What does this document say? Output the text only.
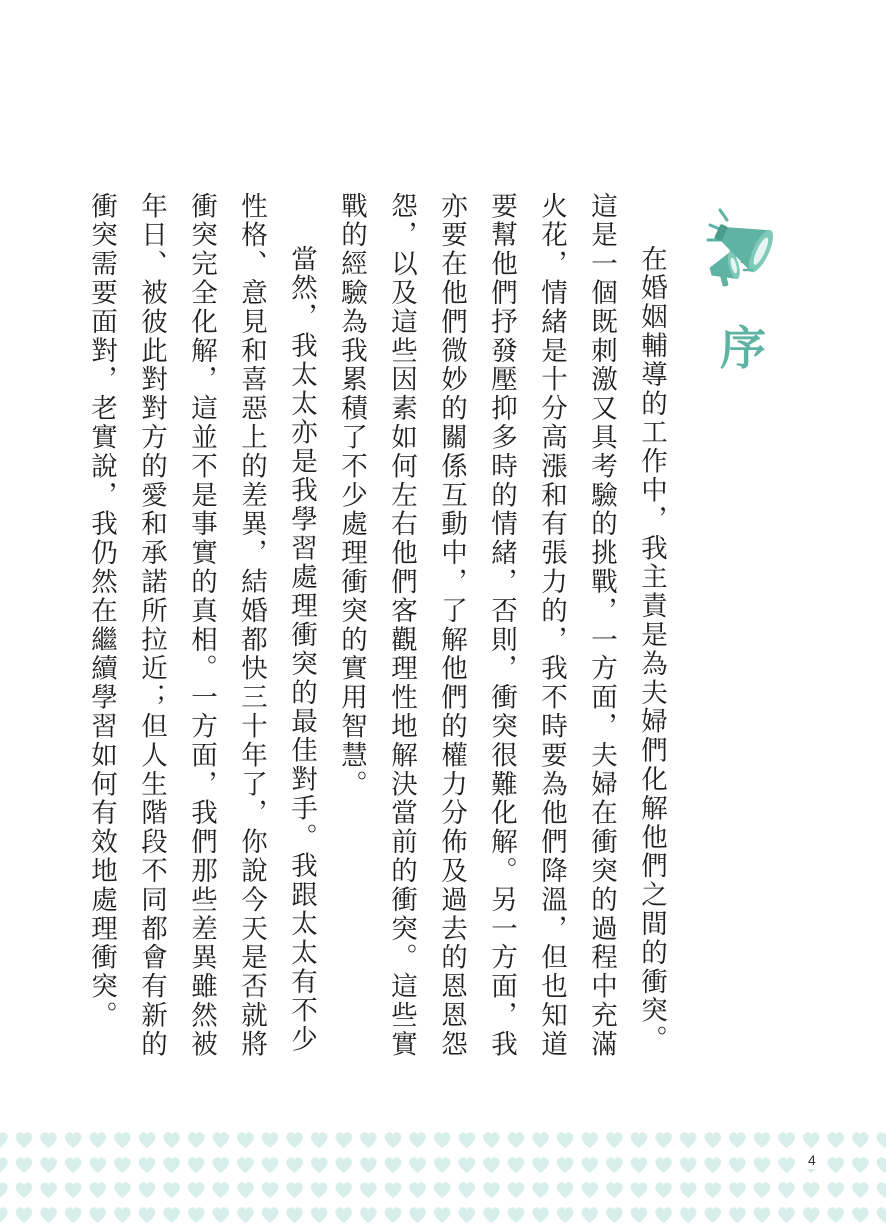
序

在婚姻輔導的工作中，我主責是為夫婦們化解他們之間的衝突。這是一個既刺激又具考驗的挑戰，一方面，夫婦在衝突的過程中充滿火花，情緒是十分高漲和有張力的，我不時要為他們降溫，但也知道要幫他們抒發壓抑多時的情緒，否則，衝突很難化解。另一方面，我亦要在他們微妙的關係互動中，了解他們的權力分佈及過去的恩恩怨怨，以及這些因素如何左右他們客觀理性地解決當前的衝突。這些實戰的經驗為我累積了不少處理衝突的實用智慧。

當然，我太太亦是我學習處理衝突的最佳對手。我跟太太有不少性格、意見和喜惡上的差異，結婚都快三十年了，你說今天是否就將衝突完全化解，這並不是事實的真相。一方面，我們那些差異雖然被年日、被彼此對對方的愛和承諾所拉近；但人生階段不同都會有新的衝突需要面對，老實說，我仍然在繼續學習如何有效地處理衝突。

4
